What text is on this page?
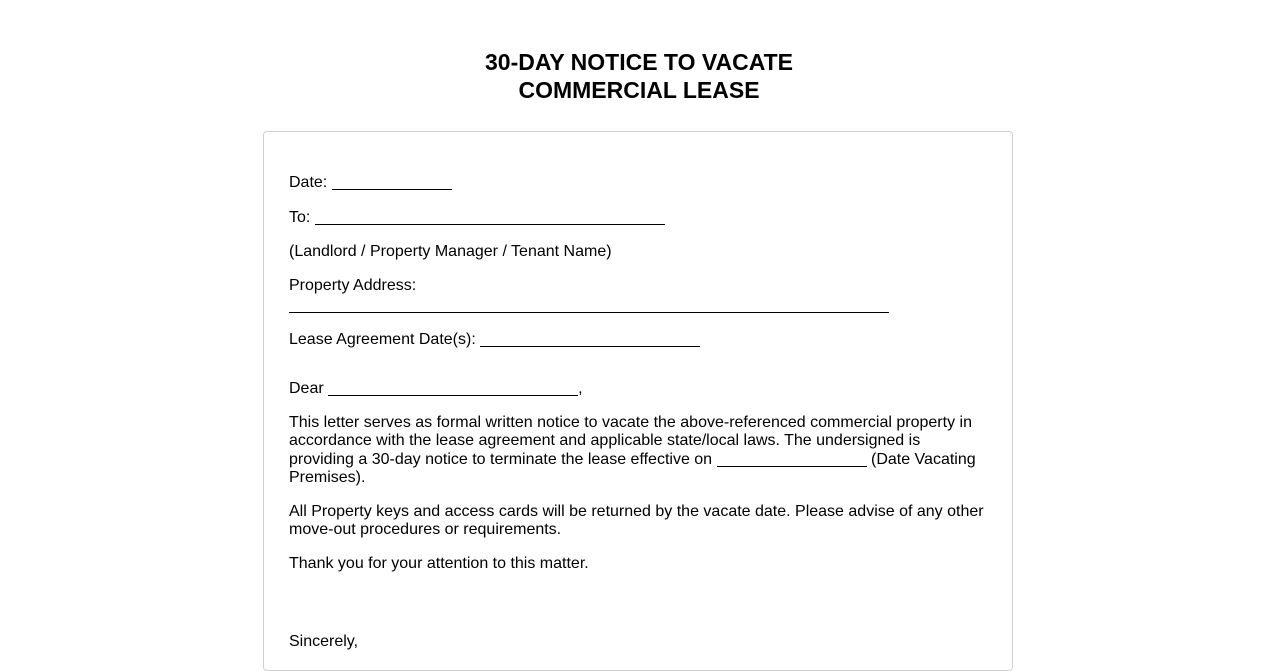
30-DAY NOTICE TO VACATE
COMMERCIAL LEASE
Date:
To:
(Landlord / Property Manager / Tenant Name)
Property Address:
Lease Agreement Date(s):
Dear	,
This letter serves as formal written notice to vacate the above-referenced commercial property in accordance with the lease agreement and applicable state/local laws. The undersigned is providing a 30-day notice to terminate the lease effective on	(Date Vacating Premises).
All Property keys and access cards will be returned by the vacate date. Please advise of any other move-out procedures or requirements.
Thank you for your attention to this matter.
Sincerely,
